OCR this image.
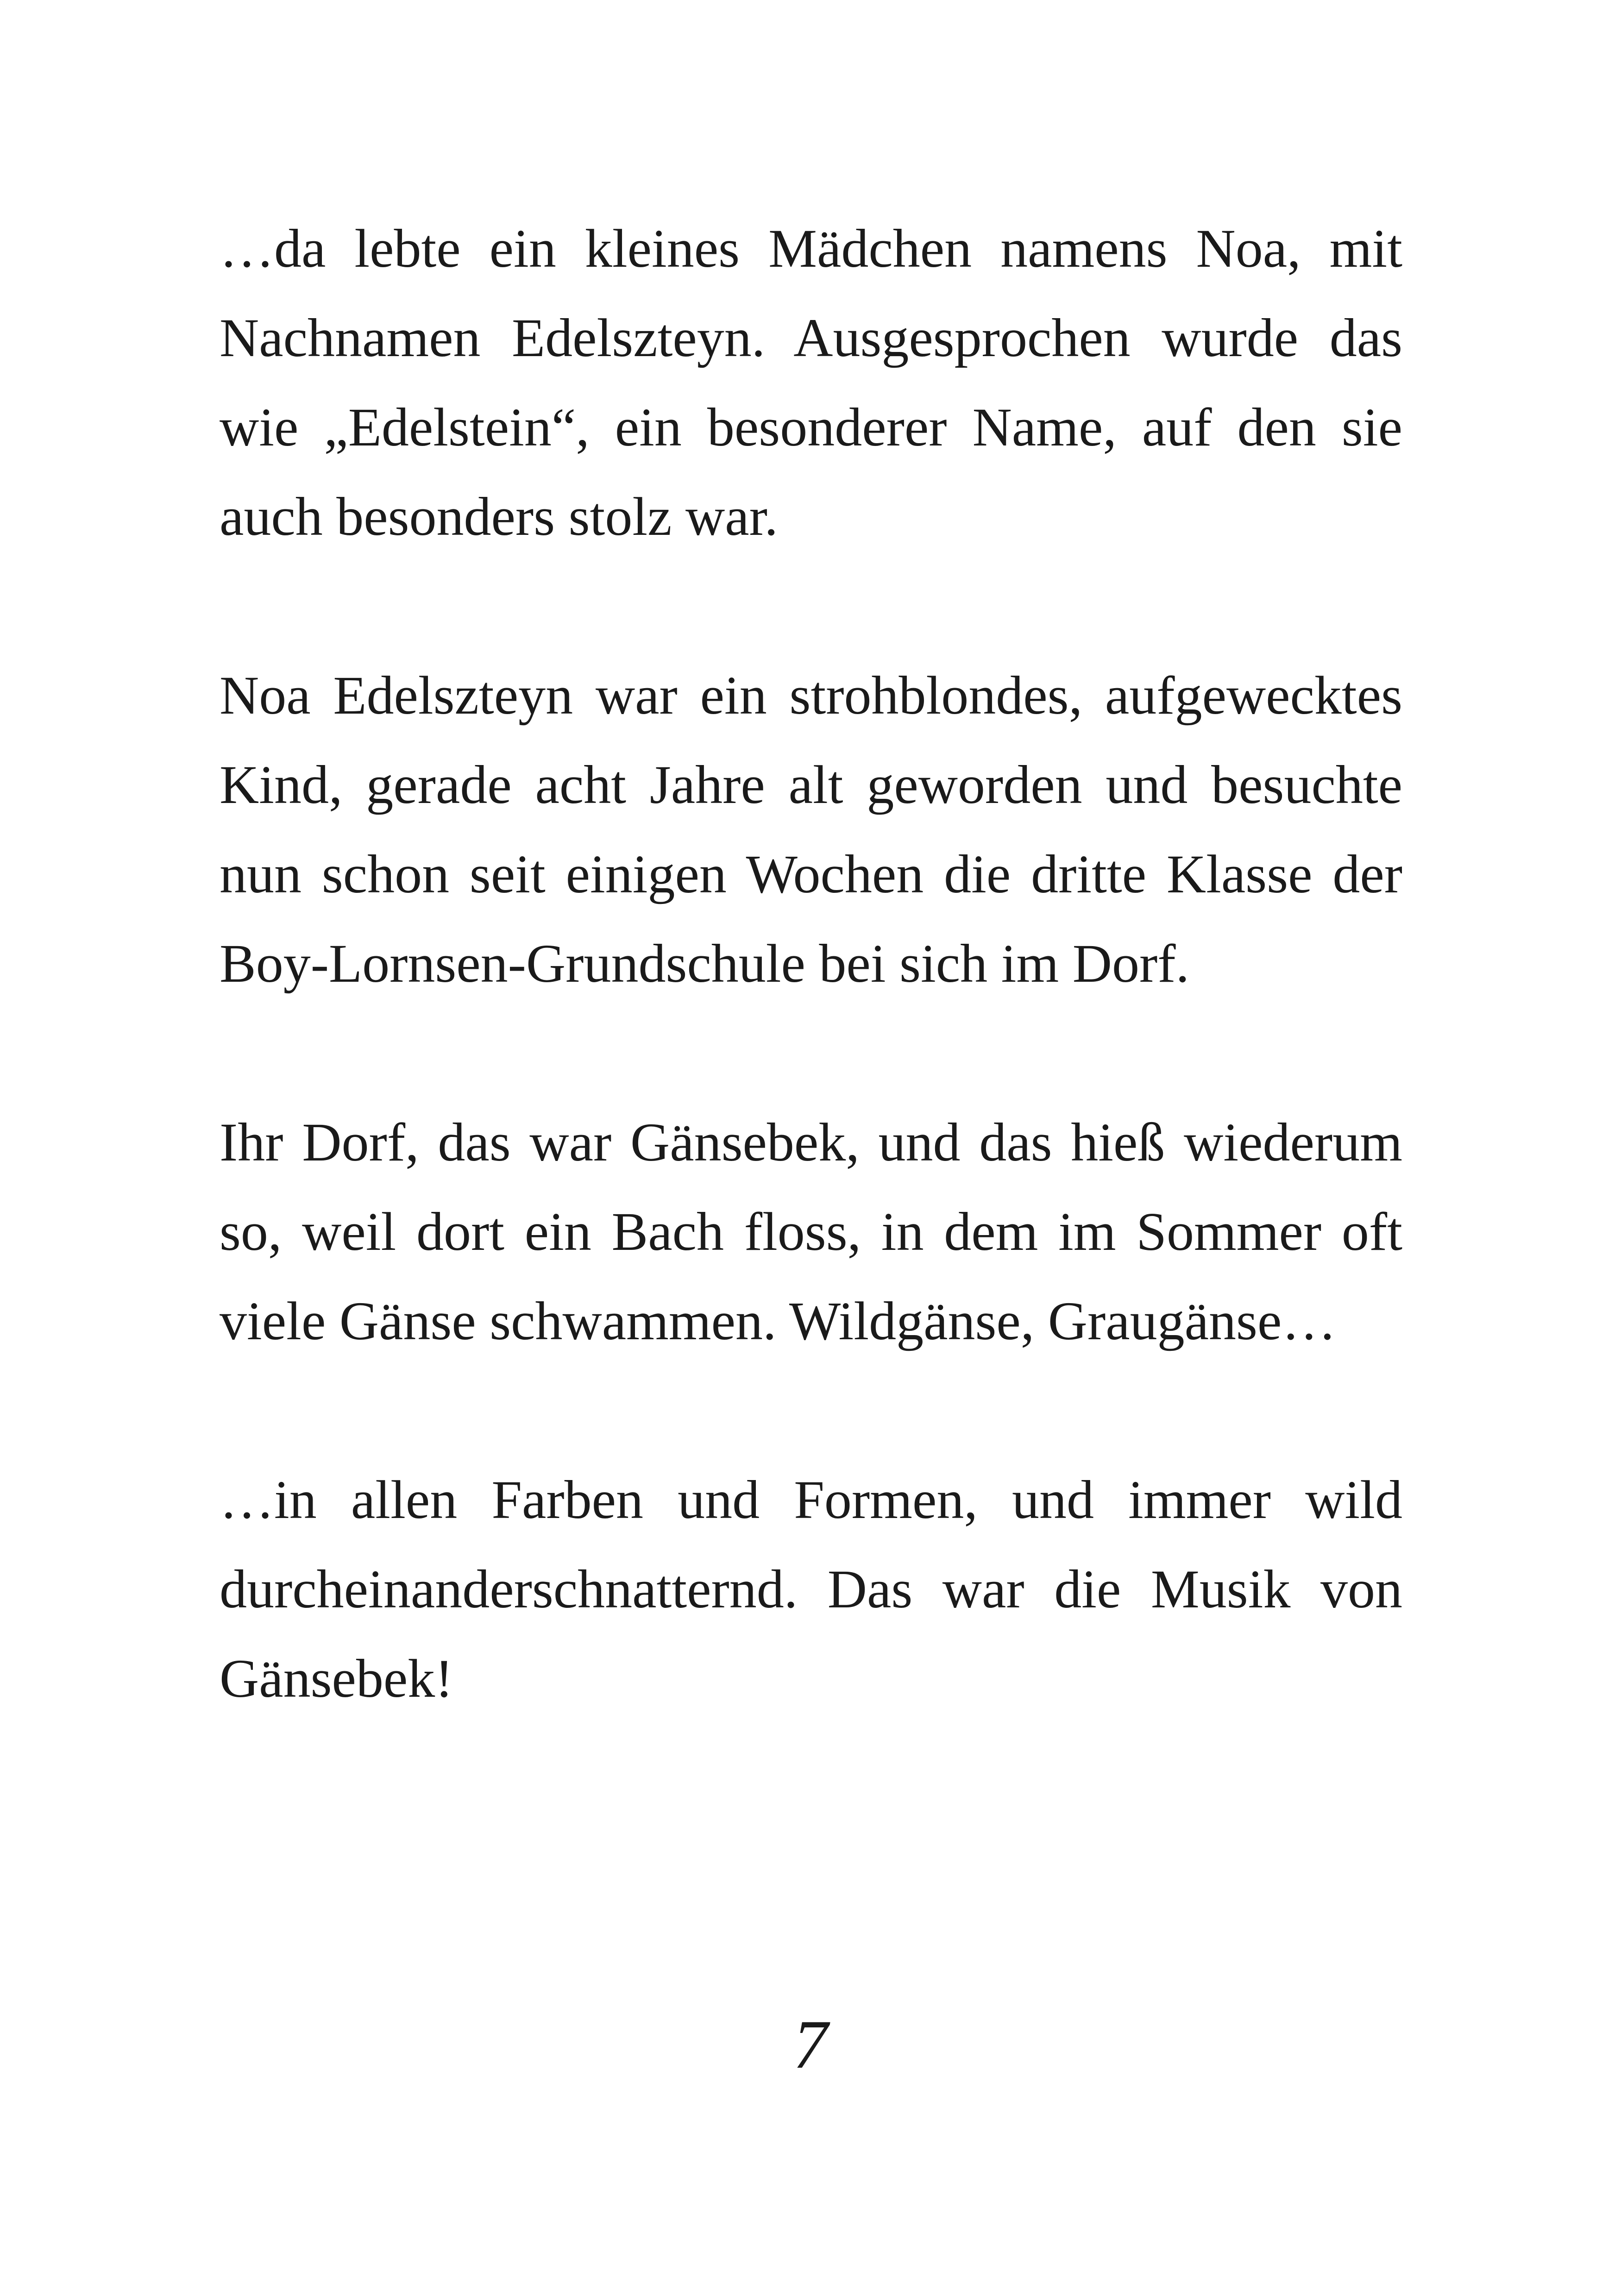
…da lebte ein kleines Mädchen namens Noa, mit Nachnamen Edelszteyn. Ausgesprochen wurde das wie „Edelstein“, ein besonderer Name, auf den sie auch besonders stolz war.

Noa Edelszteyn war ein strohblondes, aufgewecktes Kind, gerade acht Jahre alt geworden und besuchte nun schon seit einigen Wochen die dritte Klasse der Boy-Lornsen-Grundschule bei sich im Dorf.

Ihr Dorf, das war Gänsebek, und das hieß wiederum so, weil dort ein Bach floss, in dem im Sommer oft viele Gänse schwammen. Wildgänse, Graugänse…

…in allen Farben und Formen, und immer wild durcheinanderschnatternd. Das war die Musik von Gänsebek!

7
